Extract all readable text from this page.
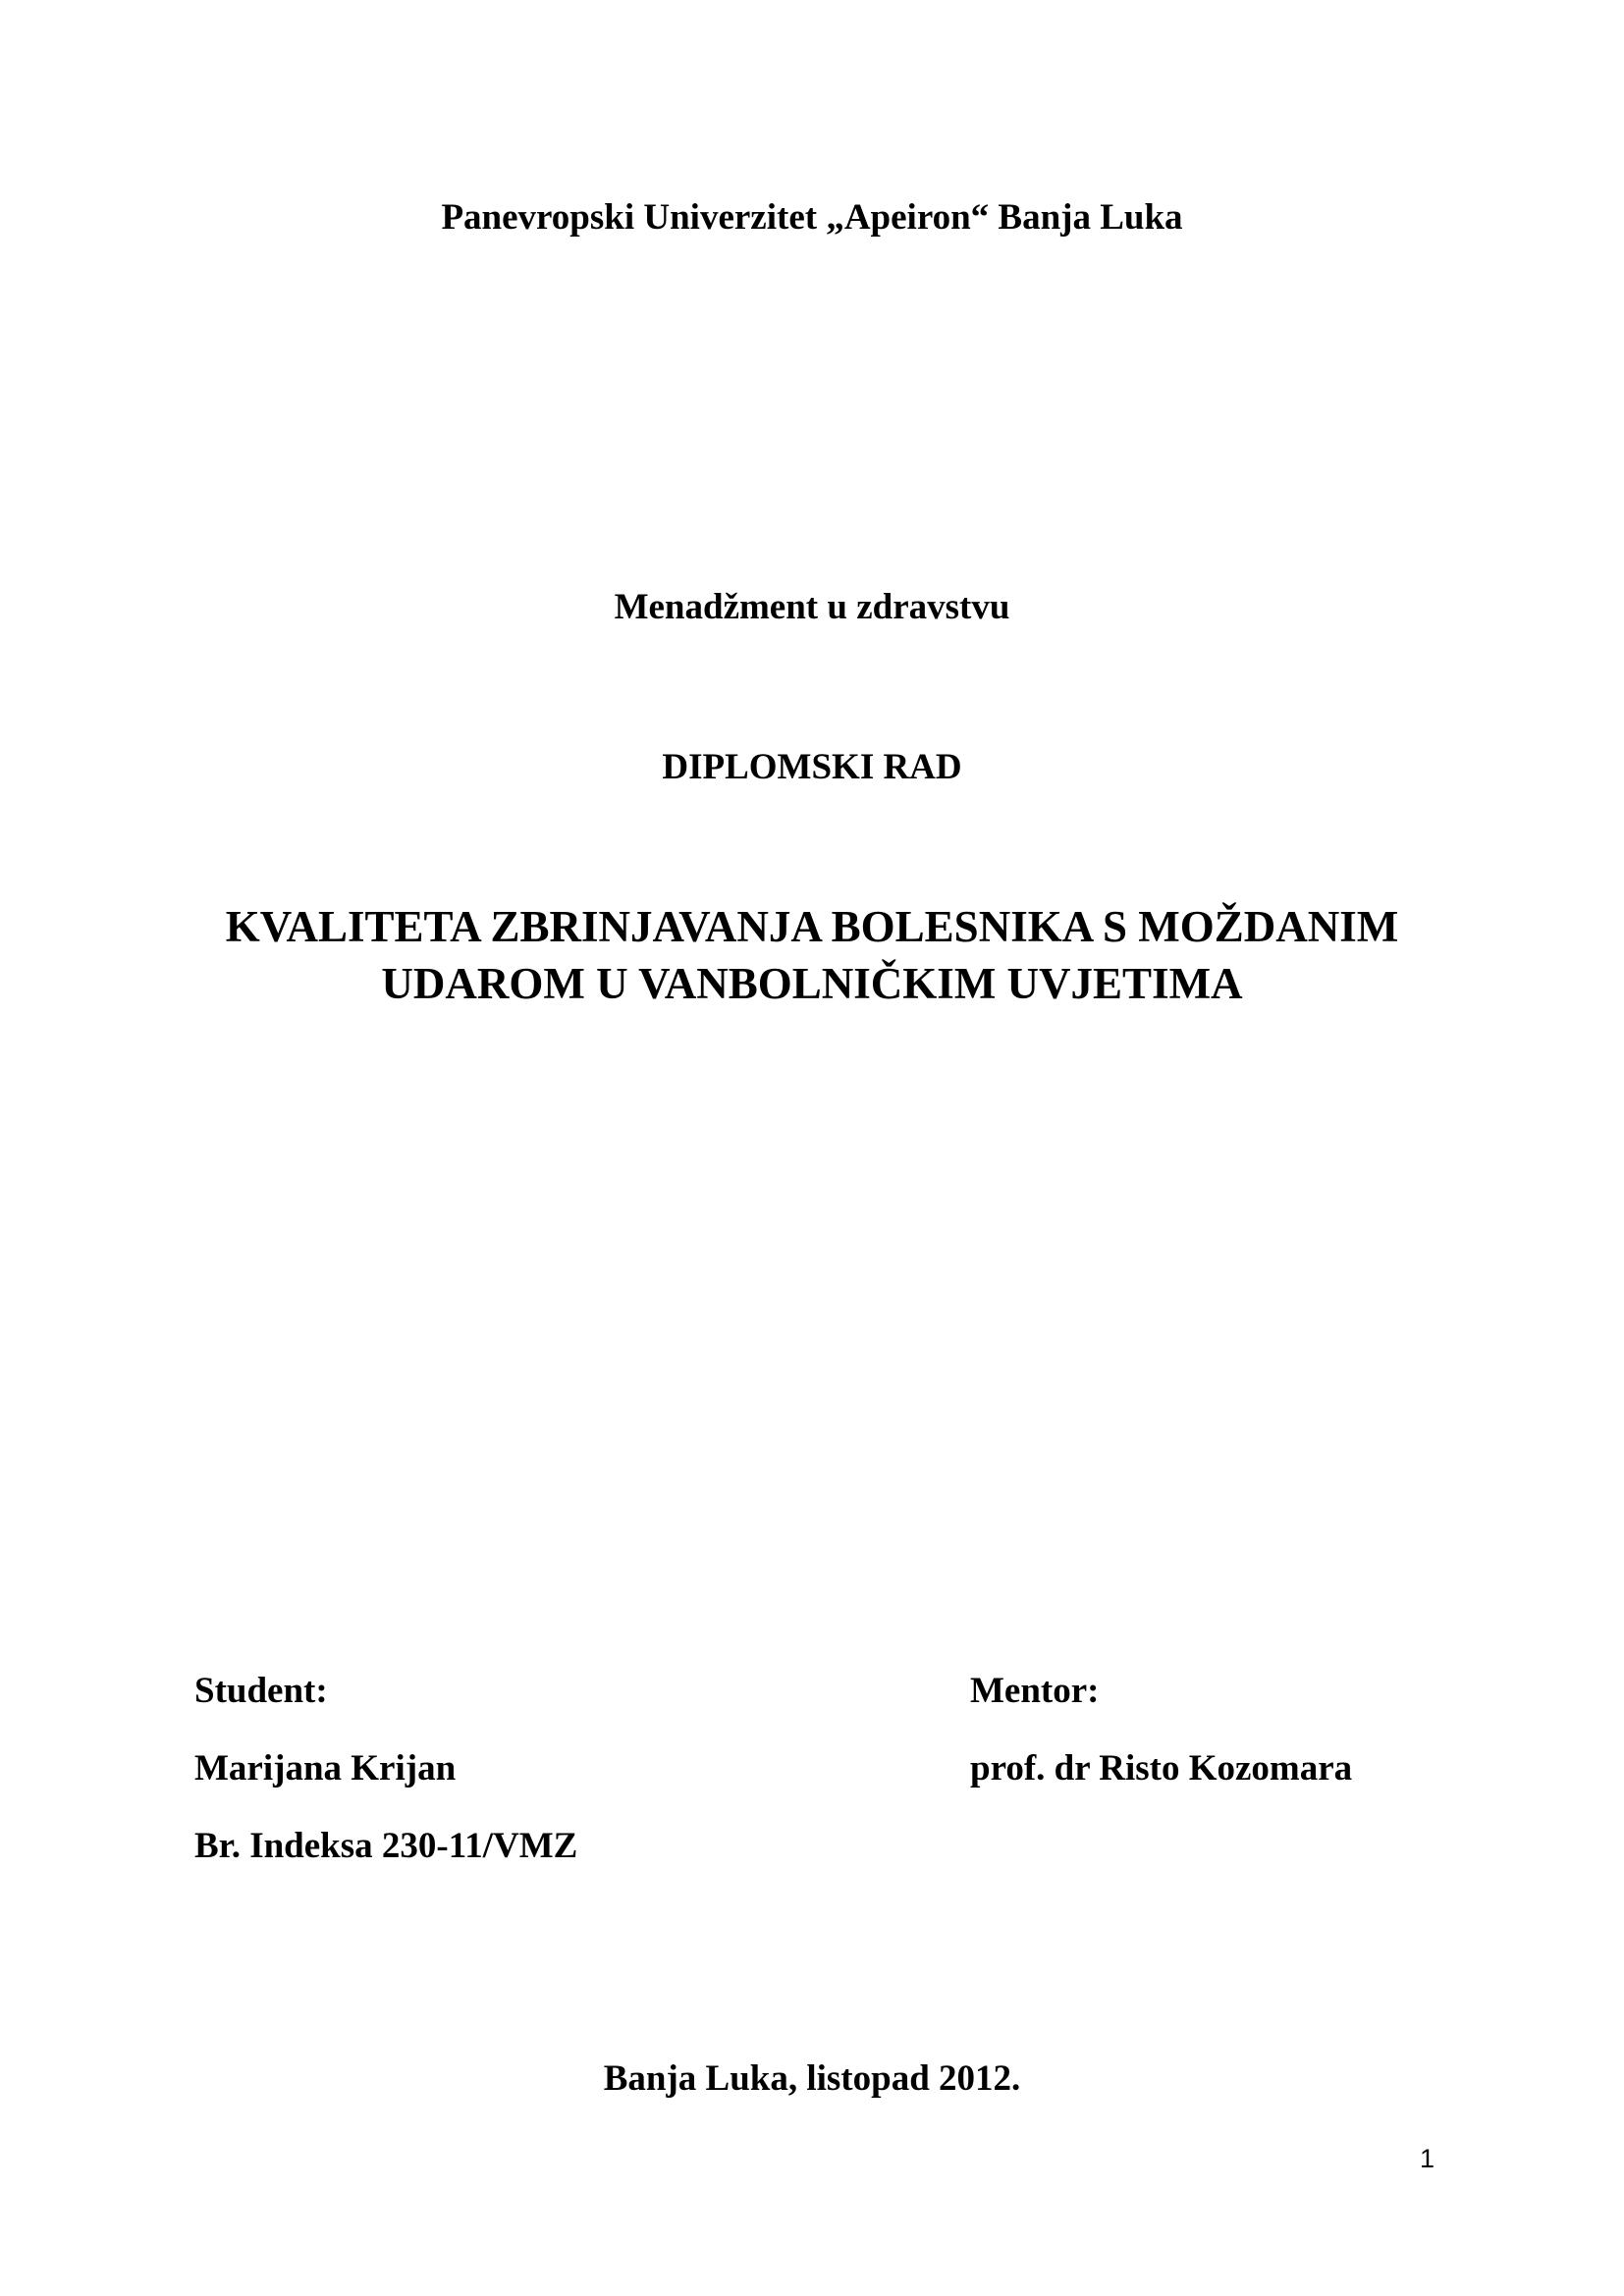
Panevropski Univerzitet „Apeiron“ Banja Luka
Menadžment u zdravstvu
DIPLOMSKI RAD
KVALITETA ZBRINJAVANJA BOLESNIKA S MOŽDANIM
UDAROM U VANBOLNIČKIM UVJETIMA
Student:
Marijana Krijan
Br. Indeksa 230-11/VMZ
Mentor:
prof. dr Risto Kozomara
Banja Luka, listopad 2012.
1
